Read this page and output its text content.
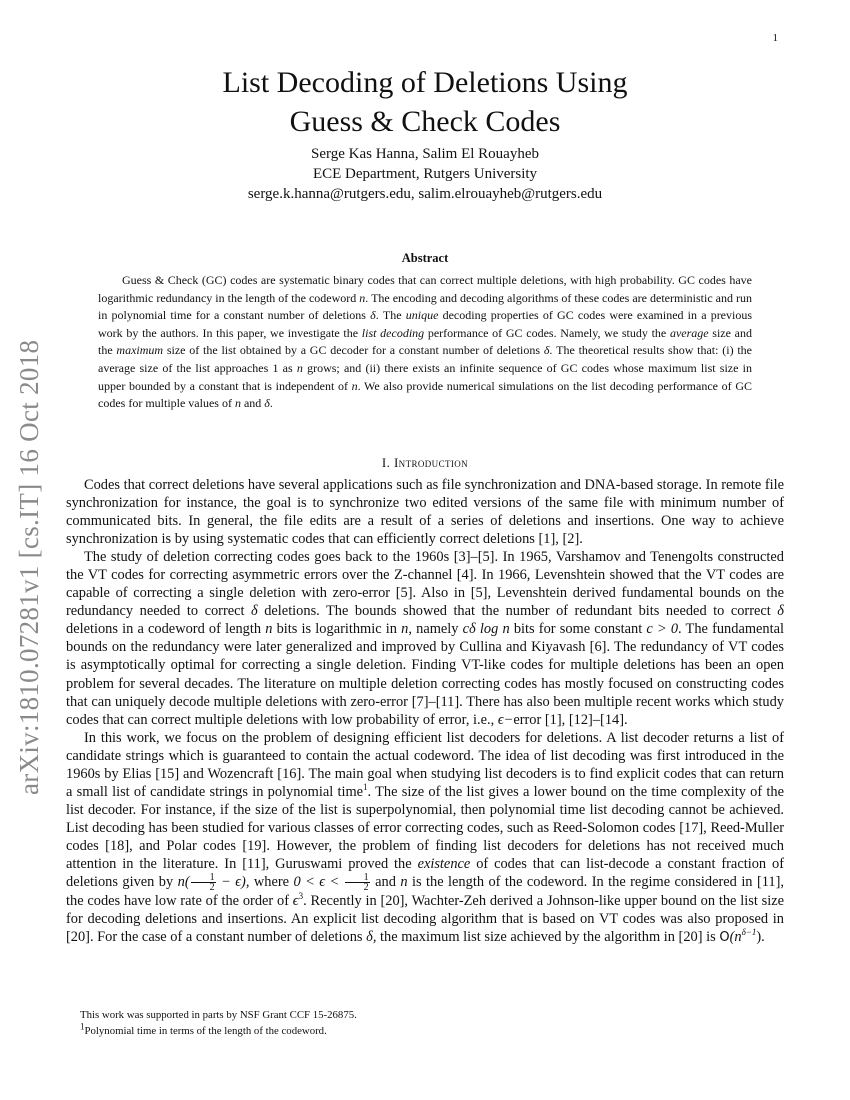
1
arXiv:1810.07281v1 [cs.IT] 16 Oct 2018
List Decoding of Deletions Using
Guess & Check Codes
Serge Kas Hanna, Salim El Rouayheb
ECE Department, Rutgers University
serge.k.hanna@rutgers.edu, salim.elrouayheb@rutgers.edu
Abstract
Guess & Check (GC) codes are systematic binary codes that can correct multiple deletions, with high probability. GC codes have logarithmic redundancy in the length of the codeword n. The encoding and decoding algorithms of these codes are deterministic and run in polynomial time for a constant number of deletions δ. The unique decoding properties of GC codes were examined in a previous work by the authors. In this paper, we investigate the list decoding performance of GC codes. Namely, we study the average size and the maximum size of the list obtained by a GC decoder for a constant number of deletions δ. The theoretical results show that: (i) the average size of the list approaches 1 as n grows; and (ii) there exists an infinite sequence of GC codes whose maximum list size in upper bounded by a constant that is independent of n. We also provide numerical simulations on the list decoding performance of GC codes for multiple values of n and δ.
I. Introduction

Codes that correct deletions have several applications such as file synchronization and DNA-based storage. In remote file synchronization for instance, the goal is to synchronize two edited versions of the same file with minimum number of communicated bits. In general, the file edits are a result of a series of deletions and insertions. One way to achieve synchronization is by using systematic codes that can efficiently correct deletions [1], [2].

The study of deletion correcting codes goes back to the 1960s [3]–[5]. In 1965, Varshamov and Tenengolts constructed the VT codes for correcting asymmetric errors over the Z-channel [4]. In 1966, Levenshtein showed that the VT codes are capable of correcting a single deletion with zero-error [5]. Also in [5], Levenshtein derived fundamental bounds on the redundancy needed to correct δ deletions. The bounds showed that the number of redundant bits needed to correct δ deletions in a codeword of length n bits is logarithmic in n, namely cδ log n bits for some constant c > 0. The fundamental bounds on the redundancy were later generalized and improved by Cullina and Kiyavash [6]. The redundancy of VT codes is asymptotically optimal for correcting a single deletion. Finding VT-like codes for multiple deletions has been an open problem for several decades. The literature on multiple deletion correcting codes has mostly focused on constructing codes that can uniquely decode multiple deletions with zero-error [7]–[11]. There has also been multiple recent works which study codes that can correct multiple deletions with low probability of error, i.e., ϵ−error [1], [12]–[14].

In this work, we focus on the problem of designing efficient list decoders for deletions. A list decoder returns a list of candidate strings which is guaranteed to contain the actual codeword. The idea of list decoding was first introduced in the 1960s by Elias [15] and Wozencraft [16]. The main goal when studying list decoders is to find explicit codes that can return a small list of candidate strings in polynomial time$^1$. The size of the list gives a lower bound on the time complexity of the list decoder. For instance, if the size of the list is superpolynomial, then polynomial time list decoding cannot be achieved. List decoding has been studied for various classes of error correcting codes, such as Reed-Solomon codes [17], Reed-Muller codes [18], and Polar codes [19]. However, the problem of finding list decoders for deletions has not received much attention in the literature. In [11], Guruswami proved the existence of codes that can list-decode a constant fraction of deletions given by $n( \frac{1}{2} - \epsilon)$, where $0 < \epsilon < \frac{1}{2}$ and n is the length of the codeword. In the regime considered in [11], the codes have low rate of the order of $\epsilon^3$. Recently in [20], Wachter-Zeh derived a Johnson-like upper bound on the list size for decoding deletions and insertions. An explicit list decoding algorithm that is based on VT codes was also proposed in [20]. For the case of a constant number of deletions δ, the maximum list size achieved by the algorithm in [20] is $O(n^{\delta-1})$.

This work was supported in parts by NSF Grant CCF 15-26875.
$^1$Polynomial time in terms of the length of the codeword.
